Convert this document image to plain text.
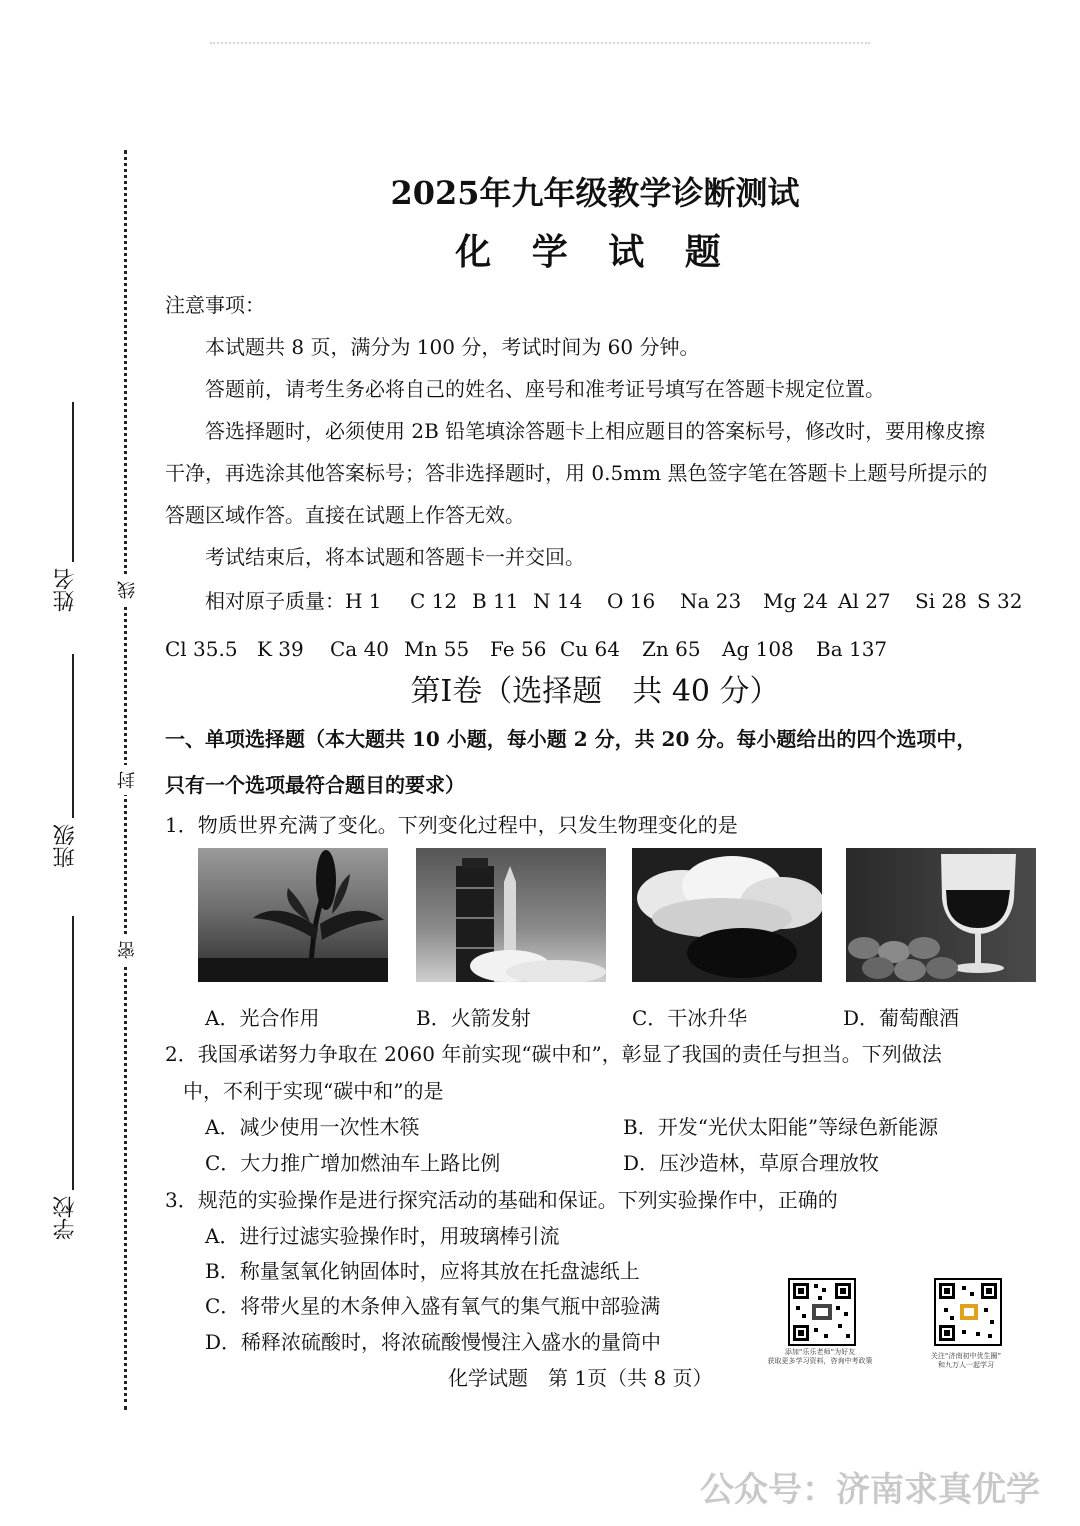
线
封
密
姓名
班级
学校
2025年九年级教学诊断测试
化 学 试 题
注意事项：
本试题共 8 页，满分为 100 分，考试时间为 60 分钟。
答题前，请考生务必将自己的姓名、座号和准考证号填写在答题卡规定位置。
答选择题时，必须使用 2B 铅笔填涂答题卡上相应题目的答案标号，修改时，要用橡皮擦
干净，再选涂其他答案标号；答非选择题时，用 0.5mm 黑色签字笔在答题卡上题号所提示的
答题区域作答。直接在试题上作答无效。
考试结束后，将本试题和答题卡一并交回。
相对原子质量： H 1 C 12 B 11 N 14 O 16 Na 23 Mg 24 Al 27 Si 28 S 32
Cl 35.5 K 39 Ca 40 Mn 55 Fe 56 Cu 64 Zn 65 Ag 108 Ba 137
第Ⅰ卷（选择题　共 40 分）
一、单项选择题（本大题共 10 小题，每小题 2 分，共 20 分。每小题给出的四个选项中，
只有一个选项最符合题目的要求）
1．物质世界充满了变化。下列变化过程中，只发生物理变化的是
A．光合作用	B．火箭发射	C．干冰升华	D．葡萄酿酒
2．我国承诺努力争取在 2060 年前实现“碳中和”，彰显了我国的责任与担当。下列做法
中，不利于实现“碳中和”的是
A．减少使用一次性木筷	B．开发“光伏太阳能”等绿色新能源
C．大力推广增加燃油车上路比例	D．压沙造林，草原合理放牧
3．规范的实验操作是进行探究活动的基础和保证。下列实验操作中，正确的
A．进行过滤实验操作时，用玻璃棒引流
B．称量氢氧化钠固体时，应将其放在托盘滤纸上
C．将带火星的木条伸入盛有氧气的集气瓶中部验满
D．稀释浓硫酸时，将浓硫酸慢慢注入盛水的量筒中	添加“乐乐老师”为好友
获取更多学习资料，咨询中考政策
关注“济南初中优生圈”
和九万人一起学习
化学试题　第 1页（共 8 页）
公众号：济南求真优学
